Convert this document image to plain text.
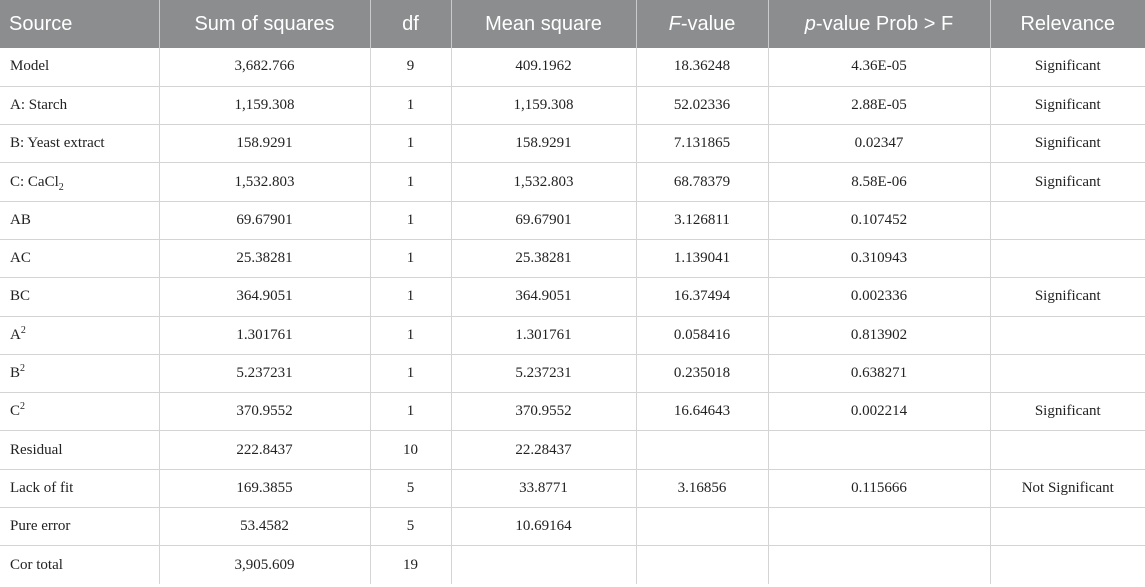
Source	Sum of squares	df	Mean square	F-value	p-value Prob > F	Relevance
Model	3,682.766	9	409.1962	18.36248	4.36E-05	Significant
A: Starch	1,159.308	1	1,159.308	52.02336	2.88E-05	Significant
B: Yeast extract	158.9291	1	158.9291	7.131865	0.02347	Significant
C: CaCl$_2$	1,532.803	1	1,532.803	68.78379	8.58E-06	Significant
AB	69.67901	1	69.67901	3.126811	0.107452	
AC	25.38281	1	25.38281	1.139041	0.310943	
BC	364.9051	1	364.9051	16.37494	0.002336	Significant
$A^2$	1.301761	1	1.301761	0.058416	0.813902	
$B^2$	5.237231	1	5.237231	0.235018	0.638271	
$C^2$	370.9552	1	370.9552	16.64643	0.002214	Significant
Residual	222.8437	10	22.28437			
Lack of fit	169.3855	5	33.8771	3.16856	0.115666	Not Significant
Pure error	53.4582	5	10.69164			
Cor total	3,905.609	19				
